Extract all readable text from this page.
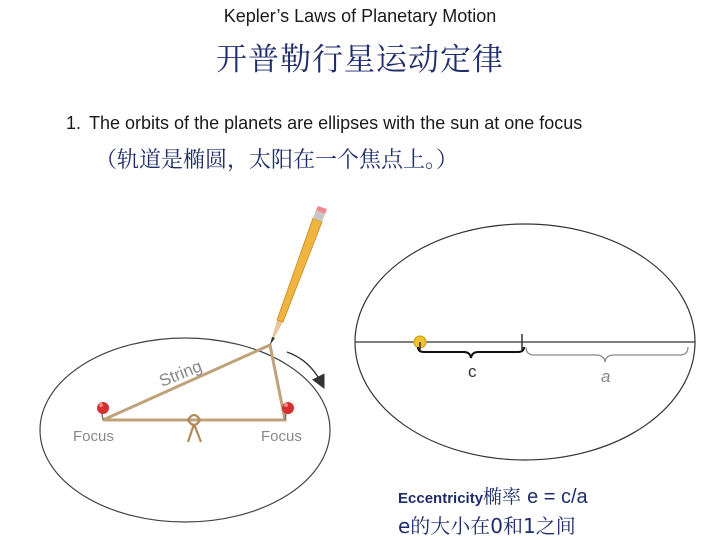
Kepler’s Laws of Planetary Motion
开普勒行星运动定律
1. The orbits of the planets are ellipses with the sun at one focus
（轨道是椭圆，太阳在一个焦点上。）
String
Focus	Focus
c	a
Eccentricity椭率 e = c/a
e的大小在0和1之间
